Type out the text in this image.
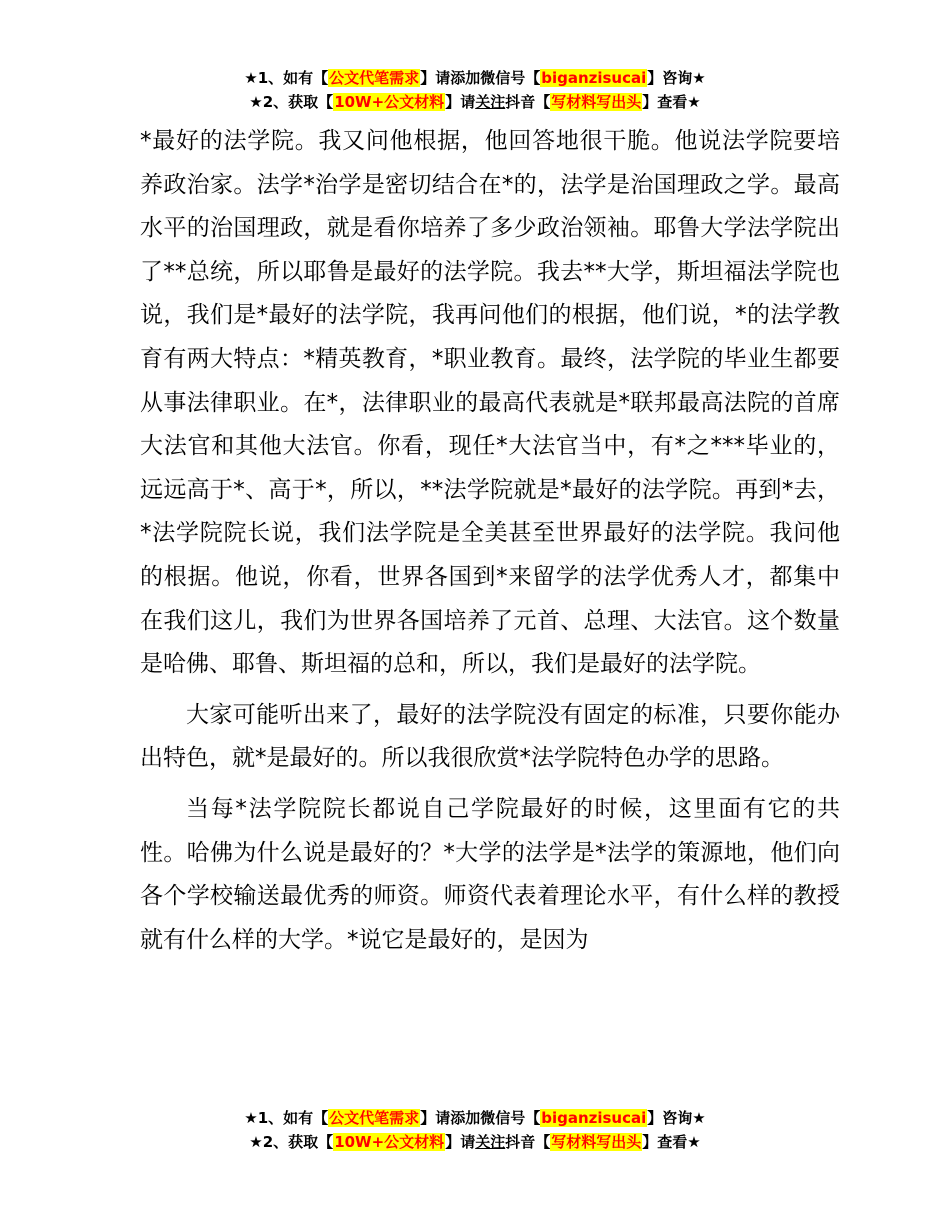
★1、如有【公文代笔需求】请添加微信号【biganzisucai】咨询★
★2、获取【10W+公文材料】请关注抖音【写材料写出头】查看★

*最好的法学院。我又问他根据，他回答地很干脆。他说法学院要培养政治家。法学*治学是密切结合在*的，法学是治国理政之学。最高水平的治国理政，就是看你培养了多少政治领袖。耶鲁大学法学院出了**总统，所以耶鲁是最好的法学院。我去**大学，斯坦福法学院也说，我们是*最好的法学院，我再问他们的根据，他们说，*的法学教育有两大特点：*精英教育，*职业教育。最终，法学院的毕业生都要从事法律职业。在*，法律职业的最高代表就是*联邦最高法院的首席大法官和其他大法官。你看，现任*大法官当中，有*之***毕业的，远远高于*、高于*，所以，**法学院就是*最好的法学院。再到*去，*法学院院长说，我们法学院是全美甚至世界最好的法学院。我问他的根据。他说，你看，世界各国到*来留学的法学优秀人才，都集中在我们这儿，我们为世界各国培养了元首、总理、大法官。这个数量是哈佛、耶鲁、斯坦福的总和，所以，我们是最好的法学院。

大家可能听出来了，最好的法学院没有固定的标准，只要你能办出特色，就*是最好的。所以我很欣赏*法学院特色办学的思路。

当每*法学院院长都说自己学院最好的时候，这里面有它的共性。哈佛为什么说是最好的？*大学的法学是*法学的策源地，他们向各个学校输送最优秀的师资。师资代表着理论水平，有什么样的教授就有什么样的大学。*说它是最好的，是因为

★1、如有【公文代笔需求】请添加微信号【biganzisucai】咨询★
★2、获取【10W+公文材料】请关注抖音【写材料写出头】查看★
